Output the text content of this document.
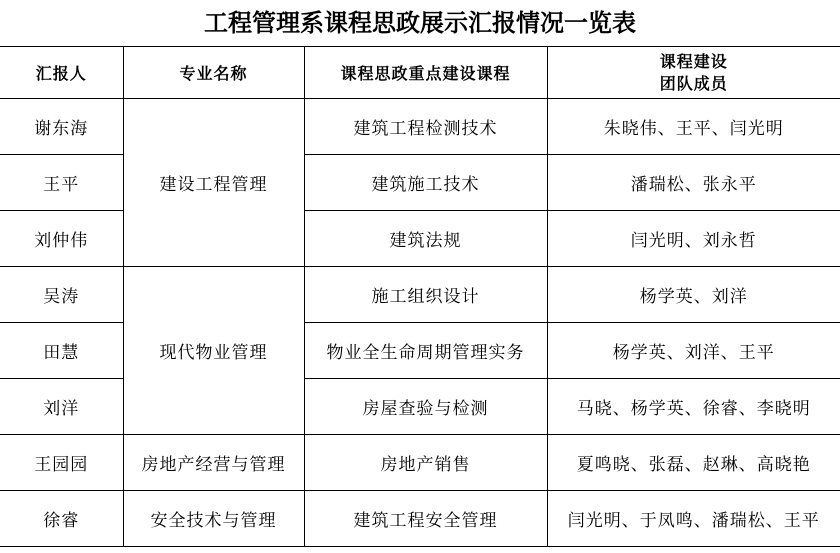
工程管理系课程思政展示汇报情况一览表
汇报人	专业名称	课程思政重点建设课程	课程建设
团队成员

谢东海	建设工程管理	建筑工程检测技术	朱晓伟、王平、闫光明
王平		建筑施工技术	潘瑞松、张永平
刘仲伟		建筑法规	闫光明、刘永哲
吴涛	现代物业管理	施工组织设计	杨学英、刘洋
田慧		物业全生命周期管理实务	杨学英、刘洋、王平
刘洋		房屋查验与检测	马晓、杨学英、徐睿、李晓明
王园园	房地产经营与管理	房地产销售	夏鸣晓、张磊、赵琳、高晓艳
徐睿	安全技术与管理	建筑工程安全管理	闫光明、于凤鸣、潘瑞松、王平
